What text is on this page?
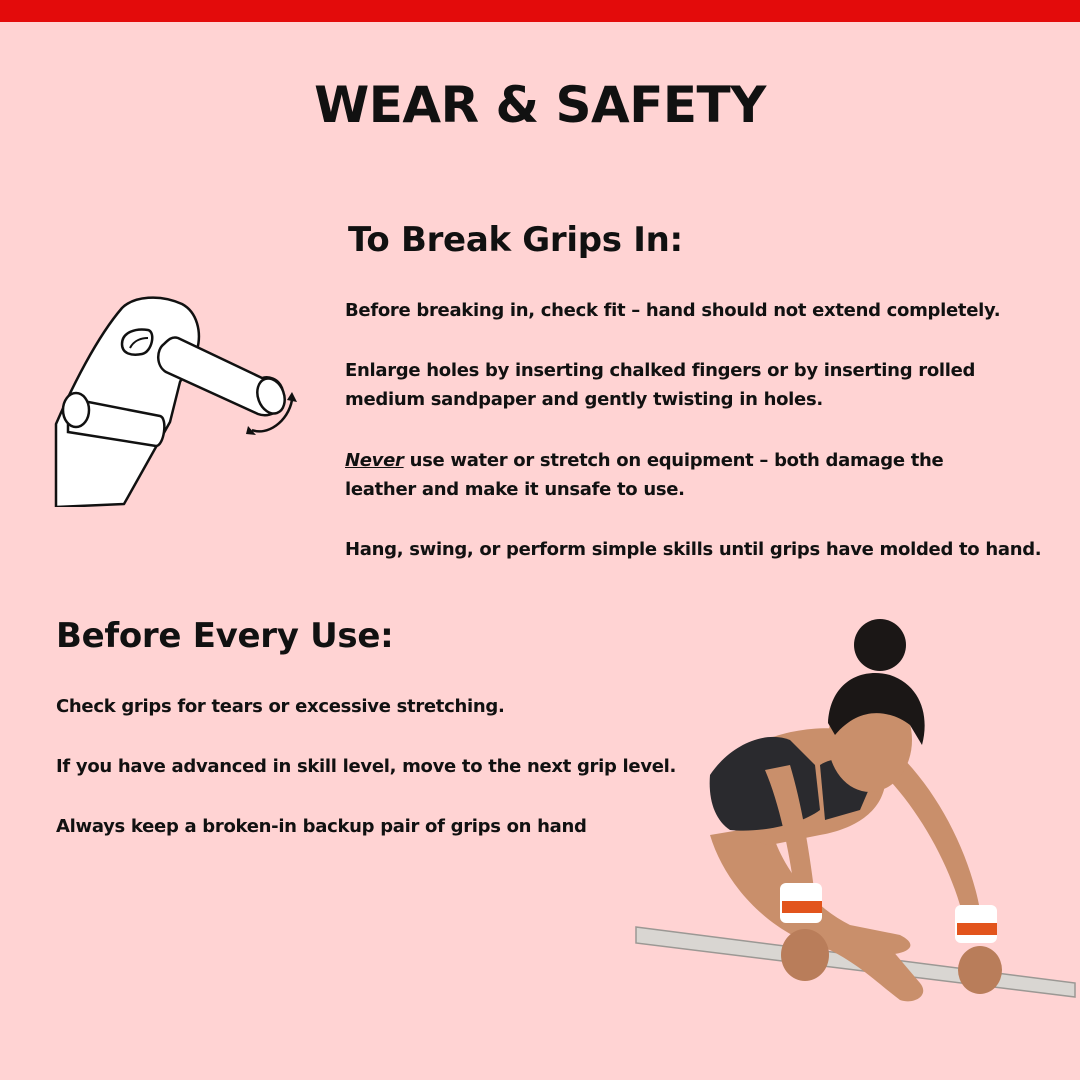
WEAR & SAFETY
To Break Grips In:

Before breaking in, check fit – hand should not extend completely.

Enlarge holes by inserting chalked fingers or by inserting rolled medium sandpaper and gently twisting in holes.

Never use water or stretch on equipment – both damage the leather and make it unsafe to use.

Hang, swing, or perform simple skills until grips have molded to hand.

Before Every Use:

Check grips for tears or excessive stretching.

If you have advanced in skill level, move to the next grip level.

Always keep a broken-in backup pair of grips on hand
